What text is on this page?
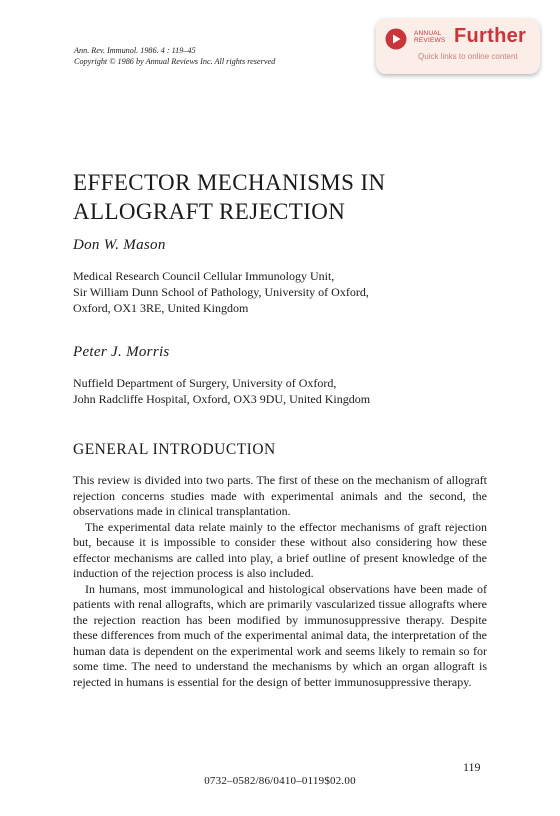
Ann. Rev. Immunol. 1986. 4 : 119–45
Copyright © 1986 by Annual Reviews Inc. All rights reserved
ANNUAL
REVIEWS Further
Quick links to online content
EFFECTOR MECHANISMS IN
ALLOGRAFT REJECTION
Don W. Mason
Medical Research Council Cellular Immunology Unit,
Sir William Dunn School of Pathology, University of Oxford,
Oxford, OX1 3RE, United Kingdom
Peter J. Morris
Nuffield Department of Surgery, University of Oxford,
John Radcliffe Hospital, Oxford, OX3 9DU, United Kingdom
GENERAL INTRODUCTION

This review is divided into two parts. The first of these on the mechanism of allograft rejection concerns studies made with experimental animals and the second, the observations made in clinical transplantation.

The experimental data relate mainly to the effector mechanisms of graft rejection but, because it is impossible to consider these without also considering how these effector mechanisms are called into play, a brief outline of present knowledge of the induction of the rejection process is also included.

In humans, most immunological and histological observations have been made of patients with renal allografts, which are primarily vascularized tissue allografts where the rejection reaction has been modified by immunosuppressive therapy. Despite these differences from much of the experimental animal data, the interpretation of the human data is dependent on the experimental work and seems likely to remain so for some time. The need to understand the mechanisms by which an organ allograft is rejected in humans is essential for the design of better immunosuppressive therapy.

119
0732–0582/86/0410–0119$02.00
